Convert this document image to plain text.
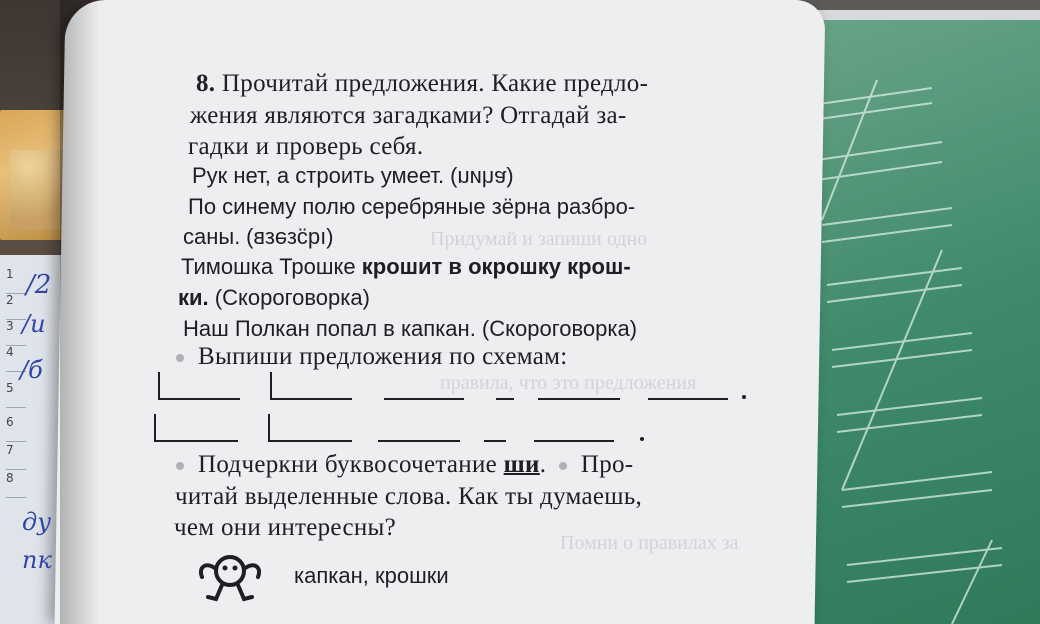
1
2
3
4
5
6
7
8
Придумай и запиши одно
правила, что это предложения
Помни о правилах за
8. Прочитай предложения. Какие предло-
жения являются загадками? Отгадай за-
гадки и проверь себя.
Рук нет, а строить умеет. (ɐɥиu)
По синему полю серебряные зёрна разбро-
саны. (ıqɔ̈εǝεʙ)
Тимошка Трошке крошит в окрошку крош-
ки. (Скороговорка)
Наш Полкан попал в капкан. (Скороговорка)
Выпиши предложения по схемам:
Подчеркни буквосочетание ши. Про-
читай выделенные слова. Как ты думаешь,
чем они интересны?
капкан, крошки
/2
/и
/б
ду
пк
